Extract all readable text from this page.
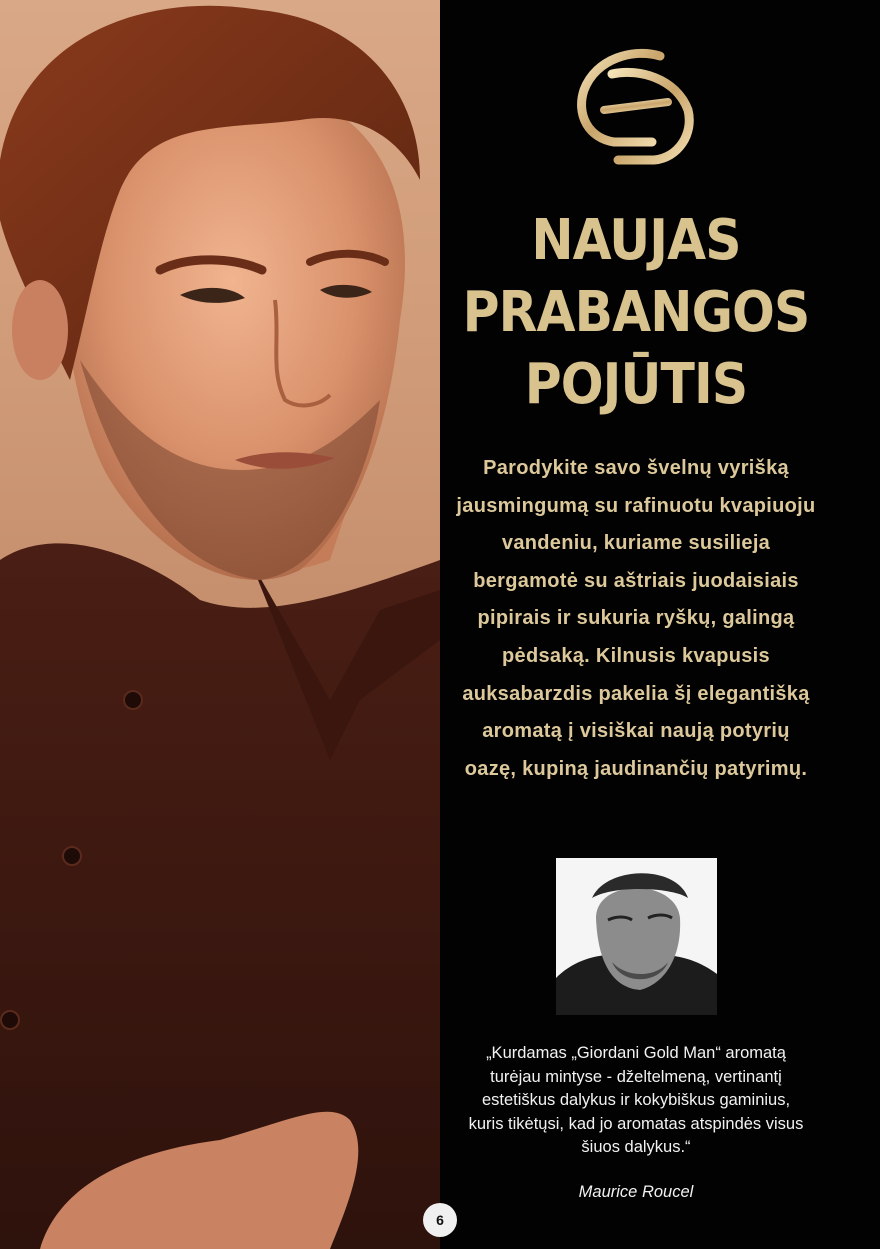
NAUJAS
PRABANGOS
POJŪTIS

Parodykite savo švelnų vyrišką jausmingumą su rafinuotu kvapiuoju vandeniu, kuriame susilieja bergamotė su aštriais juodaisiais pipirais ir sukuria ryškų, galingą pėdsaką. Kilnusis kvapusis auksabarzdis pakelia šį elegantišką aromatą į visiškai naują potyrių oazę, kupiną jaudinančių patyrimų.

„Kurdamas „Giordani Gold Man“ aromatą turėjau mintyse - dželtelmeną, vertinantį estetiškus dalykus ir kokybiškus gaminius, kuris tikėtųsi, kad jo aromatas atspindės visus šiuos dalykus.“

Maurice Roucel

6
